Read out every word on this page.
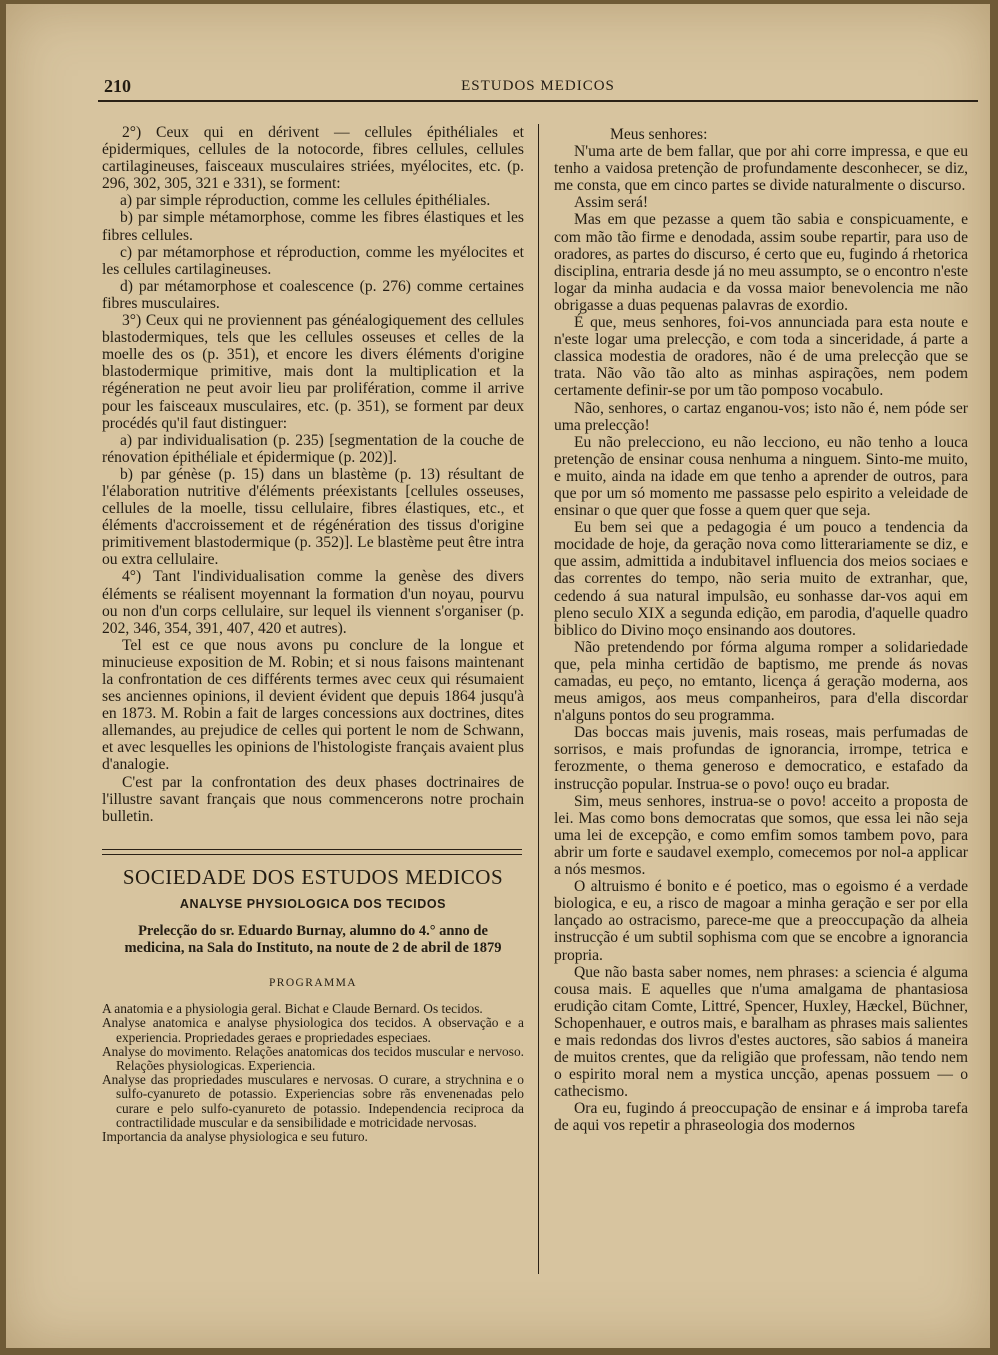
210	ESTUDOS MEDICOS

2°) Ceux qui en dérivent — cellules épithéliales et épidermiques, cellules de la notocorde, fibres cellules, cellules cartilagineuses, faisceaux musculaires striées, myélocites, etc. (p. 296, 302, 305, 321 e 331), se forment:

a) par simple réproduction, comme les cellules épithéliales.

b) par simple métamorphose, comme les fibres élastiques et les fibres cellules.

c) par métamorphose et réproduction, comme les myélocites et les cellules cartilagineuses.

d) par métamorphose et coalescence (p. 276) comme certaines fibres musculaires.

3°) Ceux qui ne proviennent pas généalogiquement des cellules blastodermiques, tels que les cellules osseuses et celles de la moelle des os (p. 351), et encore les divers éléments d'origine blastodermique primitive, mais dont la multiplication et la régéneration ne peut avoir lieu par prolifération, comme il arrive pour les faisceaux musculaires, etc. (p. 351), se forment par deux procédés qu'il faut distinguer:

a) par individualisation (p. 235) [segmentation de la couche de rénovation épithéliale et épidermique (p. 202)].

b) par génèse (p. 15) dans un blastème (p. 13) résultant de l'élaboration nutritive d'éléments préexistants [cellules osseuses, cellules de la moelle, tissu cellulaire, fibres élastiques, etc., et éléments d'accroissement et de régénération des tissus d'origine primitivement blastodermique (p. 352)]. Le blastème peut être intra ou extra cellulaire.

4°) Tant l'individualisation comme la genèse des divers éléments se réalisent moyennant la formation d'un noyau, pourvu ou non d'un corps cellulaire, sur lequel ils viennent s'organiser (p. 202, 346, 354, 391, 407, 420 et autres).

Tel est ce que nous avons pu conclure de la longue et minucieuse exposition de M. Robin; et si nous faisons maintenant la confrontation de ces différents termes avec ceux qui résumaient ses anciennes opinions, il devient évident que depuis 1864 jusqu'à en 1873. M. Robin a fait de larges concessions aux doctrines, dites allemandes, au prejudice de celles qui portent le nom de Schwann, et avec lesquelles les opinions de l'histologiste français avaient plus d'analogie.

C'est par la confrontation des deux phases doctrinaires de l'illustre savant français que nous commencerons notre prochain bulletin.

SOCIEDADE DOS ESTUDOS MEDICOS
ANALYSE PHYSIOLOGICA DOS TECIDOS
Prelecção do sr. Eduardo Burnay, alumno do 4.° anno de medicina, na Sala do Instituto, na noute de 2 de abril de 1879
PROGRAMMA
A anatomia e a physiologia geral. Bichat e Claude Bernard. Os tecidos.
Analyse anatomica e analyse physiologica dos tecidos. A observação e a experiencia. Propriedades geraes e propriedades especiaes.
Analyse do movimento. Relações anatomicas dos tecidos muscular e nervoso. Relações physiologicas. Experiencia.
Analyse das propriedades musculares e nervosas. O curare, a strychnina e o sulfo-cyanureto de potassio. Experiencias sobre rãs envenenadas pelo curare e pelo sulfo-cyanureto de potassio. Independencia reciproca da contractilidade muscular e da sensibilidade e motricidade nervosas.
Importancia da analyse physiologica e seu futuro.

Meus senhores:

N'uma arte de bem fallar, que por ahi corre impressa, e que eu tenho a vaidosa pretenção de profundamente desconhecer, se diz, me consta, que em cinco partes se divide naturalmente o discurso.

Assim será!

Mas em que pezasse a quem tão sabia e conspicuamente, e com mão tão firme e denodada, assim soube repartir, para uso de oradores, as partes do discurso, é certo que eu, fugindo á rhetorica disciplina, entraria desde já no meu assumpto, se o encontro n'este logar da minha audacia e da vossa maior benevolencia me não obrigasse a duas pequenas palavras de exordio.

É que, meus senhores, foi-vos annunciada para esta noute e n'este logar uma prelecção, e com toda a sinceridade, á parte a classica modestia de oradores, não é de uma prelecção que se trata. Não vão tão alto as minhas aspirações, nem podem certamente definir-se por um tão pomposo vocabulo.

Não, senhores, o cartaz enganou-vos; isto não é, nem póde ser uma prelecção!

Eu não prelecciono, eu não lecciono, eu não tenho a louca pretenção de ensinar cousa nenhuma a ninguem. Sinto-me muito, e muito, ainda na idade em que tenho a aprender de outros, para que por um só momento me passasse pelo espirito a veleidade de ensinar o que quer que fosse a quem quer que seja.

Eu bem sei que a pedagogia é um pouco a tendencia da mocidade de hoje, da geração nova como litterariamente se diz, e que assim, admittida a indubitavel influencia dos meios sociaes e das correntes do tempo, não seria muito de extranhar, que, cedendo á sua natural impulsão, eu sonhasse dar-vos aqui em pleno seculo XIX a segunda edição, em parodia, d'aquelle quadro biblico do Divino moço ensinando aos doutores.

Não pretendendo por fórma alguma romper a solidariedade que, pela minha certidão de baptismo, me prende ás novas camadas, eu peço, no emtanto, licença á geração moderna, aos meus amigos, aos meus companheiros, para d'ella discordar n'alguns pontos do seu programma.

Das boccas mais juvenis, mais roseas, mais perfumadas de sorrisos, e mais profundas de ignorancia, irrompe, tetrica e ferozmente, o thema generoso e democratico, e estafado da instrucção popular. Instrua-se o povo! ouço eu bradar.

Sim, meus senhores, instrua-se o povo! acceito a proposta de lei. Mas como bons democratas que somos, que essa lei não seja uma lei de excepção, e como emfim somos tambem povo, para abrir um forte e saudavel exemplo, comecemos por nol-a applicar a nós mesmos.

O altruismo é bonito e é poetico, mas o egoismo é a verdade biologica, e eu, a risco de magoar a minha geração e ser por ella lançado ao ostracismo, parece-me que a preoccupação da alheia instrucção é um subtil sophisma com que se encobre a ignorancia propria.

Que não basta saber nomes, nem phrases: a sciencia é alguma cousa mais. E aquelles que n'uma amalgama de phantasiosa erudição citam Comte, Littré, Spencer, Huxley, Hæckel, Büchner, Schopenhauer, e outros mais, e baralham as phrases mais salientes e mais redondas dos livros d'estes auctores, são sabios á maneira de muitos crentes, que da religião que professam, não tendo nem o espirito moral nem a mystica uncção, apenas possuem — o cathecismo.

Ora eu, fugindo á preoccupação de ensinar e á improba tarefa de aqui vos repetir a phraseologia dos modernos
